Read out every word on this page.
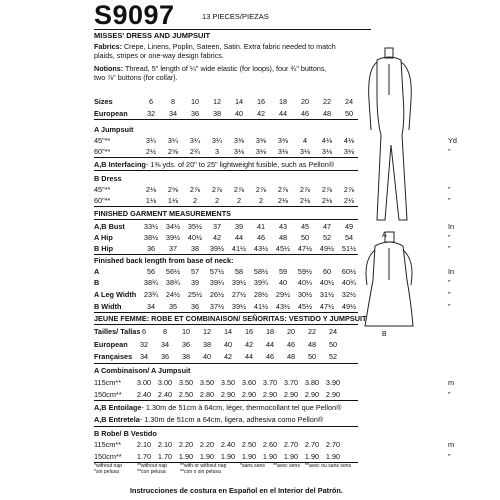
S9097	13 PIECES/PIEZAS
MISSES' DRESS AND JUMPSUIT
Fabrics: Crepe, Linens, Poplin, Sateen, Satin. Extra fabric needed to match
plaids, stripes or one-way design fabrics.
Notions: Thread, 5" length of ¼" wide elastic (for loops), four ¾" buttons,
two ⅞" buttons (for collar).
Sizes	6	8	10	12	14	16	18	20	22	24
European	32	34	36	38	40	42	44	46	48	50
A Jumpsuit
45"**	3¼	3¼	3¼	3¼	3⅜	3⅜	3⅜	4	4⅛	4⅛	Yd
60"**	2½	2⅝	2¾	3	3⅛	3⅛	3⅛	3⅛	3⅛	3⅛	"
A,B Interfacing- 1⅜ yds. of 20" to 25" lightweight fusible, such as Pellon®
B Dress
45"**	2⅛	2⅝	2⅞	2⅞	2⅞	2⅞	2⅞	2⅞	2⅞	2⅞	"
60"**	1⅛	1⅛	2	2	2	2	2⅛	2⅛	2⅛	2⅛	"
FINISHED GARMENT MEASUREMENTS
A,B Bust	33½ 34½ 35½	37	39	41	43	45	47	49	In
A Hip	38½ 39½ 40½	42	44	46	48	50	52	54	"
B Hip	36	37	38	39½ 41½ 43½ 45½ 47½ 49½ 51½	"
Finished back length from base of neck:
A	56	56½	57	57½	58	58½	59	59½	60	60½	In
B	38¾ 38¾	39	39¼ 39½ 39¾	40	40¼ 40½ 40¾	"
A Leg Width 23¾ 24½ 25½ 26½ 27½ 28½ 29½ 30½ 31½ 32½	"
B Width	34	35	36	37½ 39½ 41½ 43½ 45½ 47½ 49½	"
JEUNE FEMME: ROBE ET COMBINAISON/ SEÑORITAS: VESTIDO Y JUMPSUIT
Tailles/ Tallas 6	8	10	12	14	16	18	20	22	24
European	32	34	36	38	40	42	44	46	48	50
Françaises	34	36	38	40	42	44	46	48	50	52
A Combinaison/ A Jumpsuit
115cm** 3.00 3.00 3.50 3.50 3.50 3.60 3.70 3.70 3.80 3.90	m
150cm** 2.40 2.40 2.50 2.80 2.90 2.90 2.90 2.90 2.90 2.90	"
A,B Entoilage- 1.30m de 51cm à 64cm, léger, thermocollant tel que Pellon®
A,B Entretela- 1.30m de 51cm a 64cm, ligera, adhesiva como Pellon®
B Robe/ B Vestido
115cm** 2.10 2.10 2.20 2.20 2.40 2.50 2.60 2.70 2.70 2.70	m
150cm** 1.70 1.70 1.90 1.90 1.90 1.90 1.90 1.90 1.90 1.90	"
*without nap
*sin pelusa
**without nap
**con pelusa
**with or without nap
**con o sin pelusa
*sans sens **avec sens **avec ou sans sens
Instrucciones de costura en Español en el Interior del Patrón.
A
B
